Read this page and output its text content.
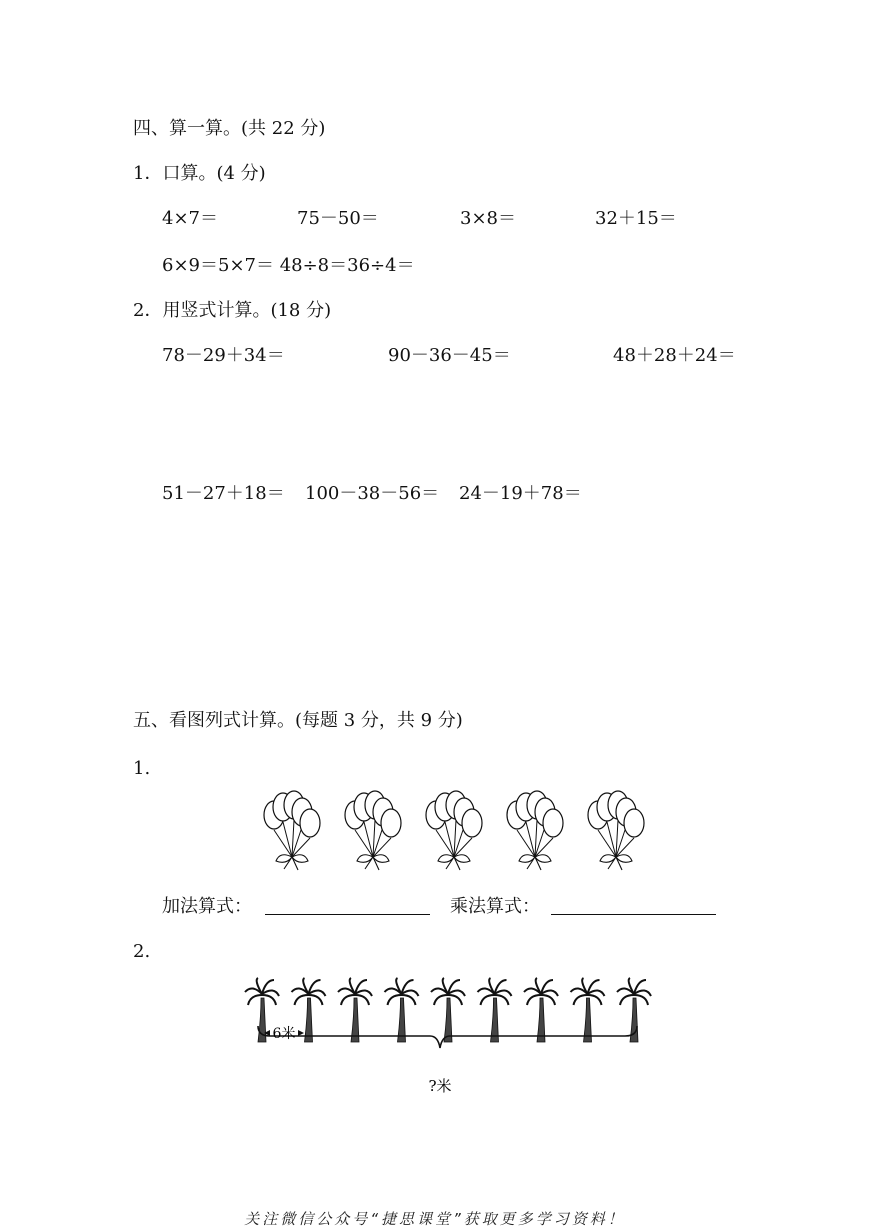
四、算一算。(共 22 分)
1．口算。(4 分)
4×7＝	75－50＝	3×8＝	32＋15＝
6×9＝5×7＝ 48÷8＝36÷4＝
2．用竖式计算。(18 分)
78－29＋34＝	90－36－45＝	48＋28＋24＝
51－27＋18＝ 100－38－56＝ 24－19＋78＝
五、看图列式计算。(每题 3 分，共 9 分)
1.
加法算式：	乘法算式：
2.
6米
?米
关注微信公众号“捷思课堂”获取更多学习资料！
